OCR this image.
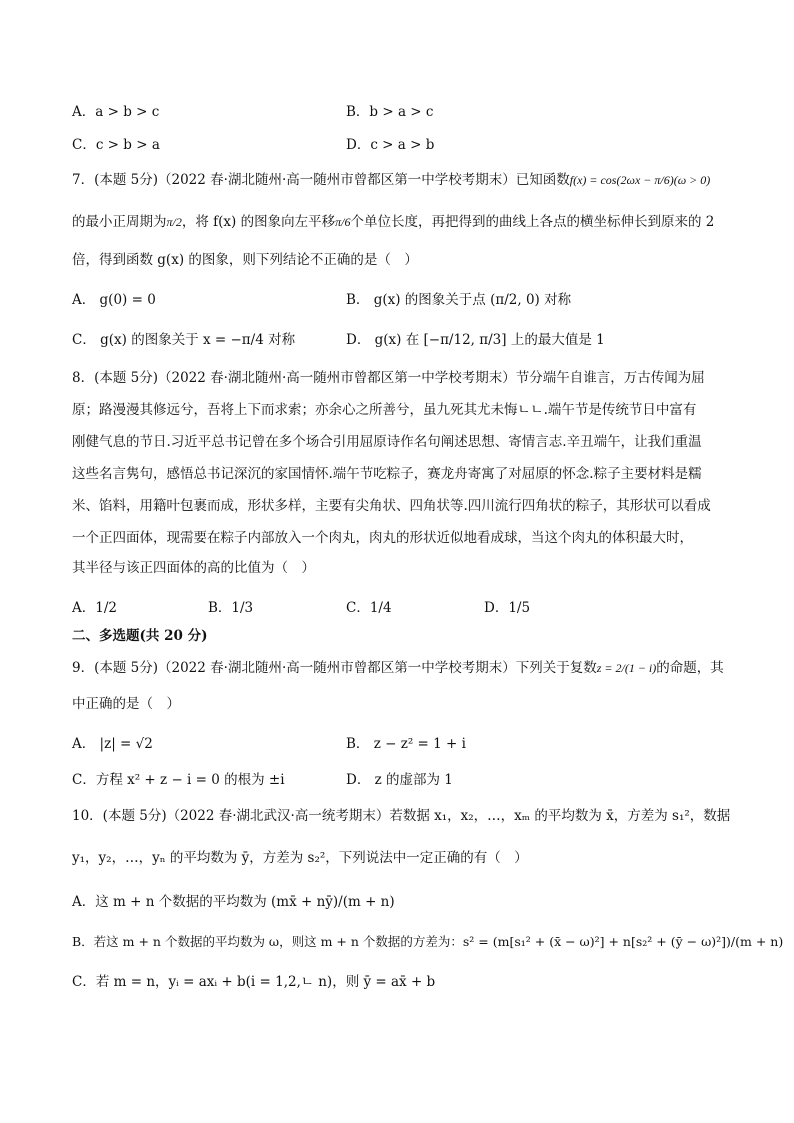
A．a > b > c	B．b > a > c
C．c > b > a	D．c > a > b
7．(本题 5分)（2022 春·湖北随州·高一随州市曾都区第一中学校考期末）已知函数f(x) = cos(2ωx − π/6)(ω > 0)
的最小正周期为π/2，将 f(x) 的图象向左平移π/6个单位长度，再把得到的曲线上各点的横坐标伸长到原来的 2
倍，得到函数 g(x) 的图象，则下列结论不正确的是（　）
A． g(0) = 0	B． g(x) 的图象关于点 (π/2, 0) 对称
C． g(x) 的图象关于 x = −π/4 对称	D． g(x) 在 [−π/12, π/3] 上的最大值是 1
8．(本题 5分)（2022 春·湖北随州·高一随州市曾都区第一中学校考期末）节分端午自谁言，万古传闻为屈
原；路漫漫其修远兮，吾将上下而求索；亦余心之所善兮，虽九死其尤未悔ㄴㄴ.端午节是传统节日中富有
刚健气息的节日.习近平总书记曾在多个场合引用屈原诗作名句阐述思想、寄情言志.辛丑端午，让我们重温
这些名言隽句，感悟总书记深沉的家国情怀.端午节吃粽子，赛龙舟寄寓了对屈原的怀念.粽子主要材料是糯
米、馅料，用籍叶包裹而成，形状多样，主要有尖角状、四角状等.四川流行四角状的粽子，其形状可以看成
一个正四面体，现需要在粽子内部放入一个肉丸，肉丸的形状近似地看成球，当这个肉丸的体积最大时，
其半径与该正四面体的高的比值为（　）
A．1/2	B．1/3	C．1/4	D．1/5
二、多选题(共 20 分)
9．(本题 5分)（2022 春·湖北随州·高一随州市曾都区第一中学校考期末）下列关于复数z = 2/(1 − i)的命题，其
中正确的是（　）
A． |z| = √2	B． z − z² = 1 + i
C．方程 x² + z − i = 0 的根为 ±i	D． z 的虚部为 1
10．(本题 5分)（2022 春·湖北武汉·高一统考期末）若数据 x₁，x₂，…，xₘ 的平均数为 x̄，方差为 s₁²，数据
y₁，y₂，…，yₙ 的平均数为 ȳ，方差为 s₂²，下列说法中一定正确的有（　）
A．这 m + n 个数据的平均数为 (mx̄ + nȳ)/(m + n)
B．若这 m + n 个数据的平均数为 ω，则这 m + n 个数据的方差为：s² = (m[s₁² + (x̄ − ω)²] + n[s₂² + (ȳ − ω)²])/(m + n)
C．若 m = n，yᵢ = axᵢ + b(i = 1,2,ㄴ n)，则 ȳ = ax̄ + b
